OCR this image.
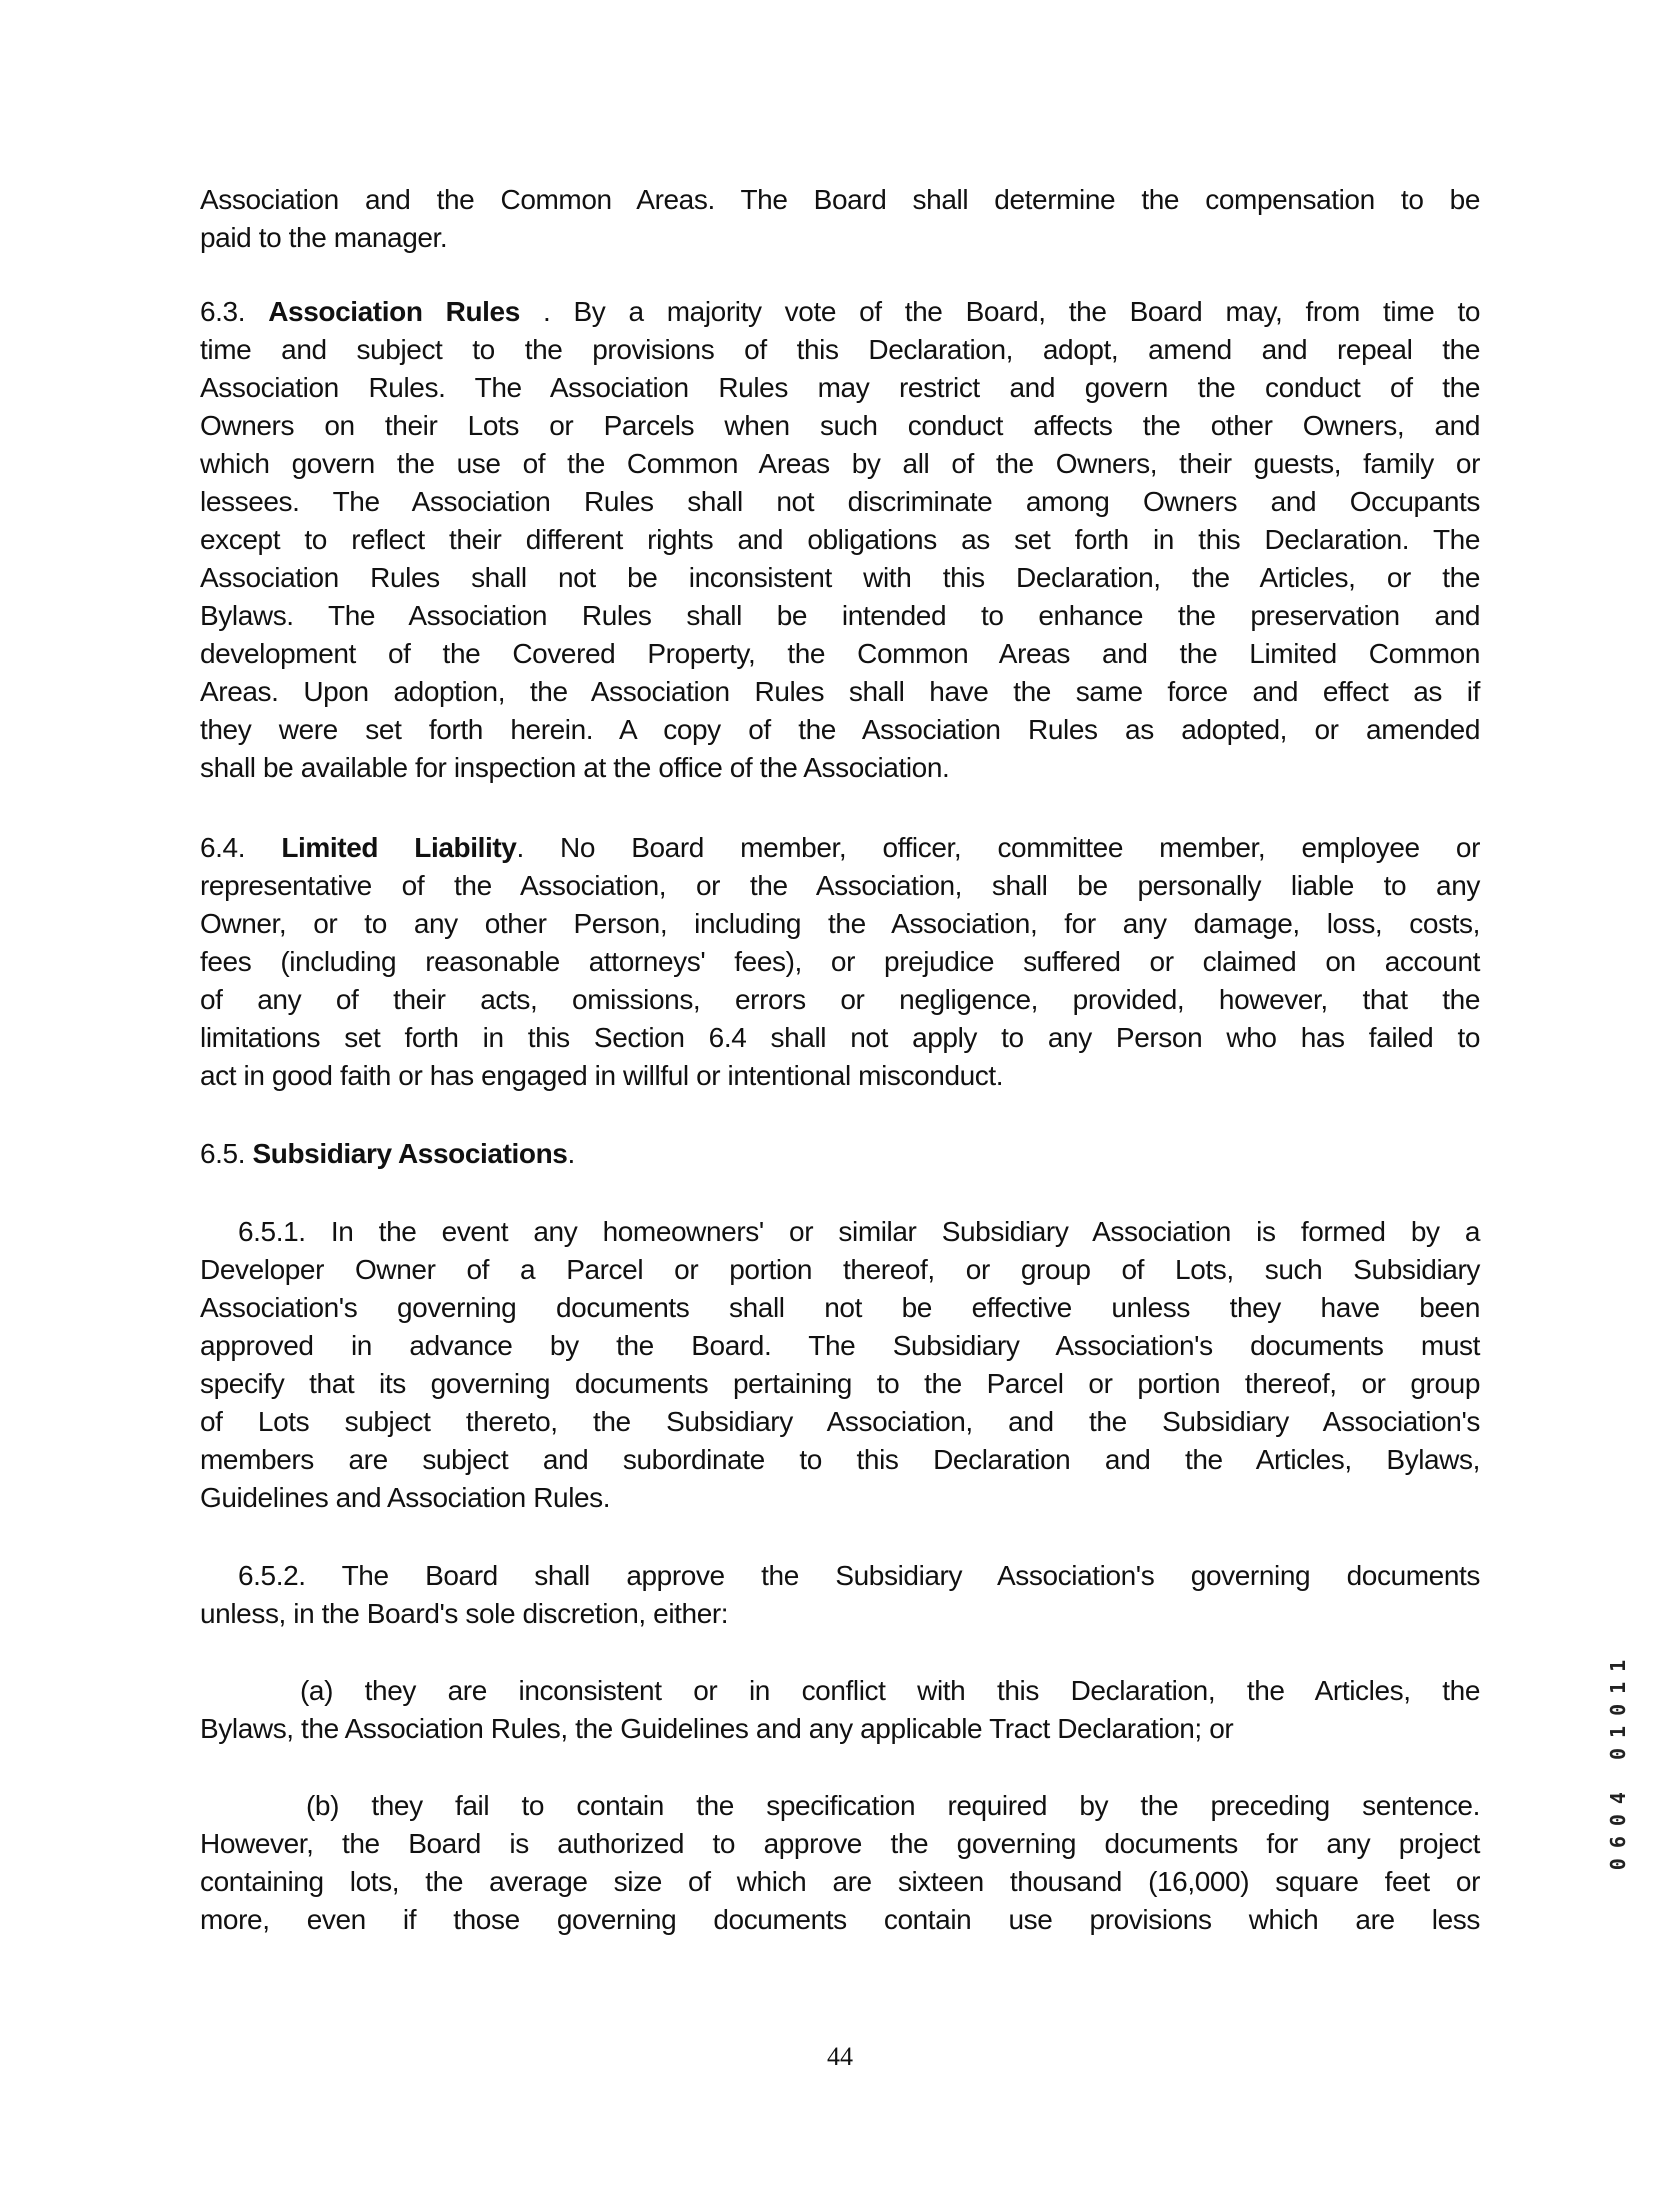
Association and the Common Areas. The Board shall determine the compensation to be
paid to the manager.
6.3. Association Rules . By a majority vote of the Board, the Board may, from time to
time and subject to the provisions of this Declaration, adopt, amend and repeal the
Association Rules. The Association Rules may restrict and govern the conduct of the
Owners on their Lots or Parcels when such conduct affects the other Owners, and
which govern the use of the Common Areas by all of the Owners, their guests, family or
lessees. The Association Rules shall not discriminate among Owners and Occupants
except to reflect their different rights and obligations as set forth in this Declaration. The
Association Rules shall not be inconsistent with this Declaration, the Articles, or the
Bylaws. The Association Rules shall be intended to enhance the preservation and
development of the Covered Property, the Common Areas and the Limited Common
Areas. Upon adoption, the Association Rules shall have the same force and effect as if
they were set forth herein. A copy of the Association Rules as adopted, or amended
shall be available for inspection at the office of the Association.
6.4. Limited Liability. No Board member, officer, committee member, employee or
representative of the Association, or the Association, shall be personally liable to any
Owner, or to any other Person, including the Association, for any damage, loss, costs,
fees (including reasonable attorneys' fees), or prejudice suffered or claimed on account
of any of their acts, omissions, errors or negligence, provided, however, that the
limitations set forth in this Section 6.4 shall not apply to any Person who has failed to
act in good faith or has engaged in willful or intentional misconduct.
6.5. Subsidiary Associations.
6.5.1. In the event any homeowners' or similar Subsidiary Association is formed by a
Developer Owner of a Parcel or portion thereof, or group of Lots, such Subsidiary
Association's governing documents shall not be effective unless they have been
approved in advance by the Board. The Subsidiary Association's documents must
specify that its governing documents pertaining to the Parcel or portion thereof, or group
of Lots subject thereto, the Subsidiary Association, and the Subsidiary Association's
members are subject and subordinate to this Declaration and the Articles, Bylaws,
Guidelines and Association Rules.
6.5.2. The Board shall approve the Subsidiary Association's governing documents
unless, in the Board's sole discretion, either:
(a) they are inconsistent or in conflict with this Declaration, the Articles, the
Bylaws, the Association Rules, the Guidelines and any applicable Tract Declaration; or
(b) they fail to contain the specification required by the preceding sentence.
However, the Board is authorized to approve the governing documents for any project
containing lots, the average size of which are sixteen thousand (16,000) square feet or
more, even if those governing documents contain use provisions which are less
44
0604 01011
